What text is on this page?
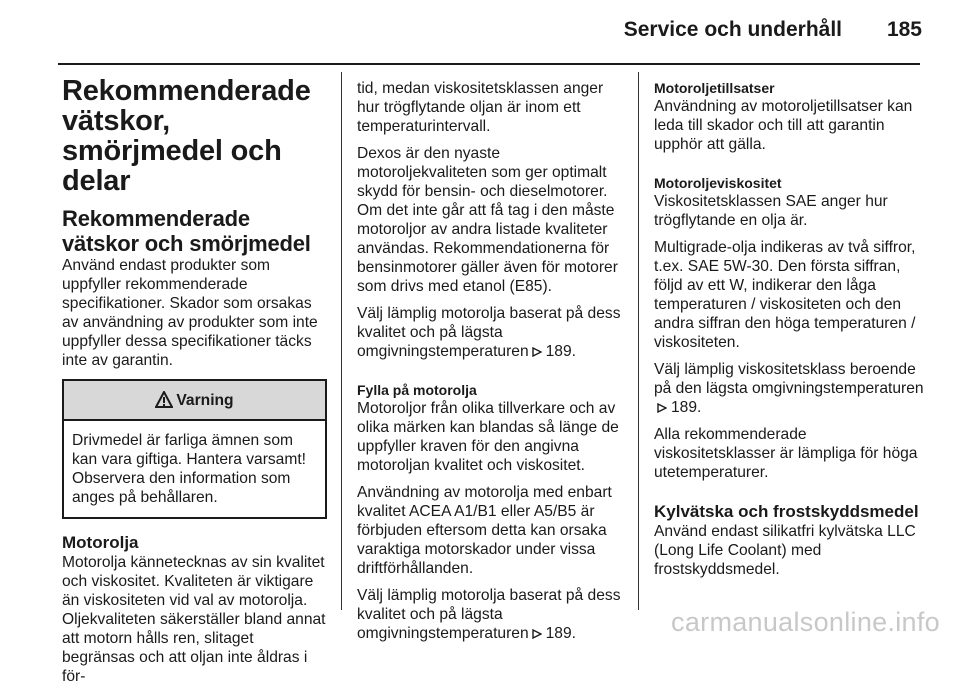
Service och underhåll 185
Rekommenderade vätskor, smörjmedel och delar
Rekommenderade vätskor och smörjmedel

Använd endast produkter som uppfyller rekommenderade specifikationer. Skador som orsakas av användning av produkter som inte uppfyller dessa specifikationer täcks inte av garantin.

Varning
Drivmedel är farliga ämnen som kan vara giftiga. Hantera varsamt! Observera den information som anges på behållaren.
Motorolja

Motorolja kännetecknas av sin kvalitet och viskositet. Kvaliteten är viktigare än viskositeten vid val av motorolja. Oljekvaliteten säkerställer bland annat att motorn hålls ren, slitaget begränsas och att oljan inte åldras i för-

tid, medan viskositetsklassen anger hur trögflytande oljan är inom ett temperaturintervall.

Dexos är den nyaste motoroljekvaliteten som ger optimalt skydd för bensin- och dieselmotorer. Om det inte går att få tag i den måste motoroljor av andra listade kvaliteter användas. Rekommendationerna för bensinmotorer gäller även för motorer som drivs med etanol (E85).

Välj lämplig motorolja baserat på dess kvalitet och på lägsta omgivningstemperaturen 189.

Fylla på motorolja

Motoroljor från olika tillverkare och av olika märken kan blandas så länge de uppfyller kraven för den angivna motoroljan kvalitet och viskositet.

Användning av motorolja med enbart kvalitet ACEA A1/B1 eller A5/B5 är förbjuden eftersom detta kan orsaka varaktiga motorskador under vissa driftförhållanden.

Välj lämplig motorolja baserat på dess kvalitet och på lägsta omgivningstemperaturen 189.

Motoroljetillsatser

Användning av motoroljetillsatser kan leda till skador och till att garantin upphör att gälla.

Motoroljeviskositet

Viskositetsklassen SAE anger hur trögflytande en olja är.

Multigrade-olja indikeras av två siffror, t.ex. SAE 5W-30. Den första siffran, följd av ett W, indikerar den låga temperaturen / viskositeten och den andra siffran den höga temperaturen / viskositeten.

Välj lämplig viskositetsklass beroende på den lägsta omgivningstemperaturen189.

Alla rekommenderade viskositetsklasser är lämpliga för höga utetemperaturer.

Kylvätska och frostskyddsmedel

Använd endast silikatfri kylvätska LLC (Long Life Coolant) med frostskyddsmedel.

carmanualsonline.info
